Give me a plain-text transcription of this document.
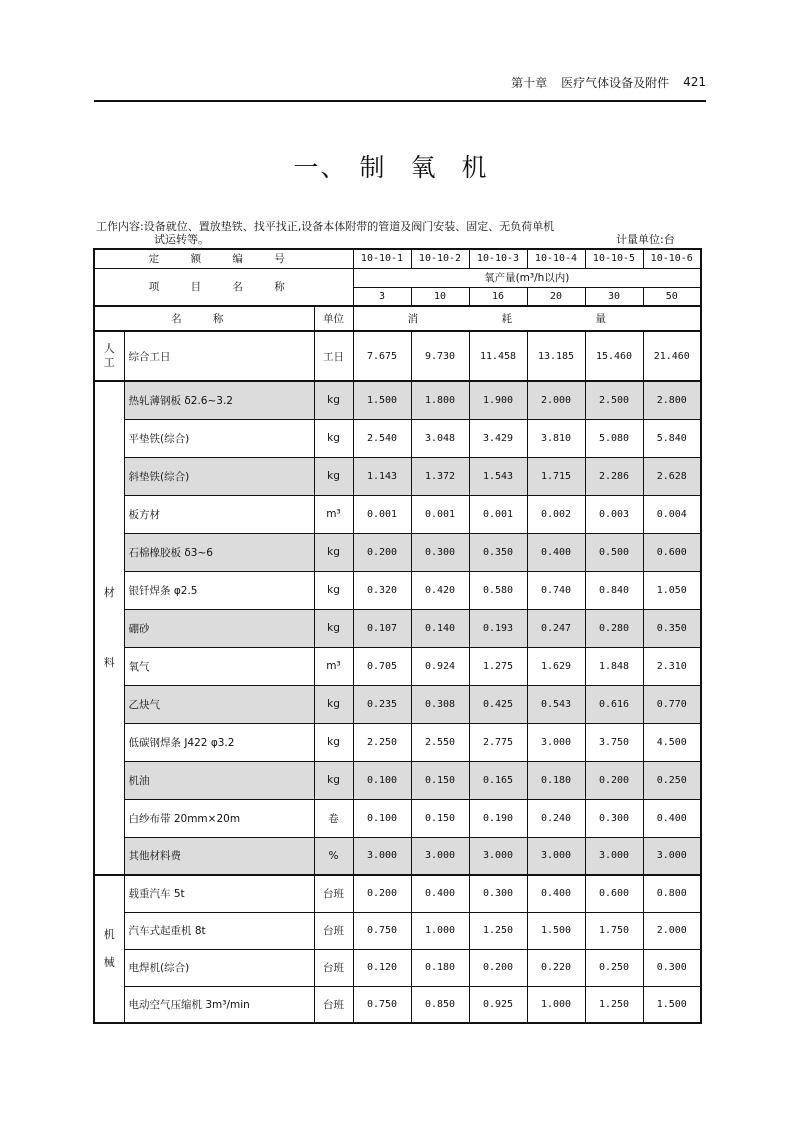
第十章 医疗气体设备及附件 421
一、 制 氧 机
工作内容:设备就位、置放垫铁、找平找正,设备本体附带的管道及阀门安装、固定、无负荷单机
试运转等。	计量单位:台
定 额 编 号			10-10-1	10-10-2	10-10-3	10-10-4	10-10-5	10-10-6
项 目 名 称			氧产量(m³/h以内)					
			3	10	16	20	30	50
名 称		单位	消 耗 量					
人
工	综合工日	工日	7.675	9.730	11.458	13.185	15.460	21.460
材

料	热轧薄钢板 δ2.6~3.2	kg	1.500	1.800	1.900	2.000	2.500	2.800
	平垫铁(综合)	kg	2.540	3.048	3.429	3.810	5.080	5.840
	斜垫铁(综合)	kg	1.143	1.372	1.543	1.715	2.286	2.628
	板方材	m³	0.001	0.001	0.001	0.002	0.003	0.004
	石棉橡胶板 δ3~6	kg	0.200	0.300	0.350	0.400	0.500	0.600
	银钎焊条 φ2.5	kg	0.320	0.420	0.580	0.740	0.840	1.050
	硼砂	kg	0.107	0.140	0.193	0.247	0.280	0.350
	氧气	m³	0.705	0.924	1.275	1.629	1.848	2.310
	乙炔气	kg	0.235	0.308	0.425	0.543	0.616	0.770
	低碳钢焊条 J422 φ3.2	kg	2.250	2.550	2.775	3.000	3.750	4.500
	机油	kg	0.100	0.150	0.165	0.180	0.200	0.250
	白纱布带 20mm×20m	卷	0.100	0.150	0.190	0.240	0.300	0.400
	其他材料费	%	3.000	3.000	3.000	3.000	3.000	3.000
机

械	载重汽车 5t	台班	0.200	0.400	0.300	0.400	0.600	0.800
	汽车式起重机 8t	台班	0.750	1.000	1.250	1.500	1.750	2.000
	电焊机(综合)	台班	0.120	0.180	0.200	0.220	0.250	0.300
	电动空气压缩机 3m³/min	台班	0.750	0.850	0.925	1.000	1.250	1.500
